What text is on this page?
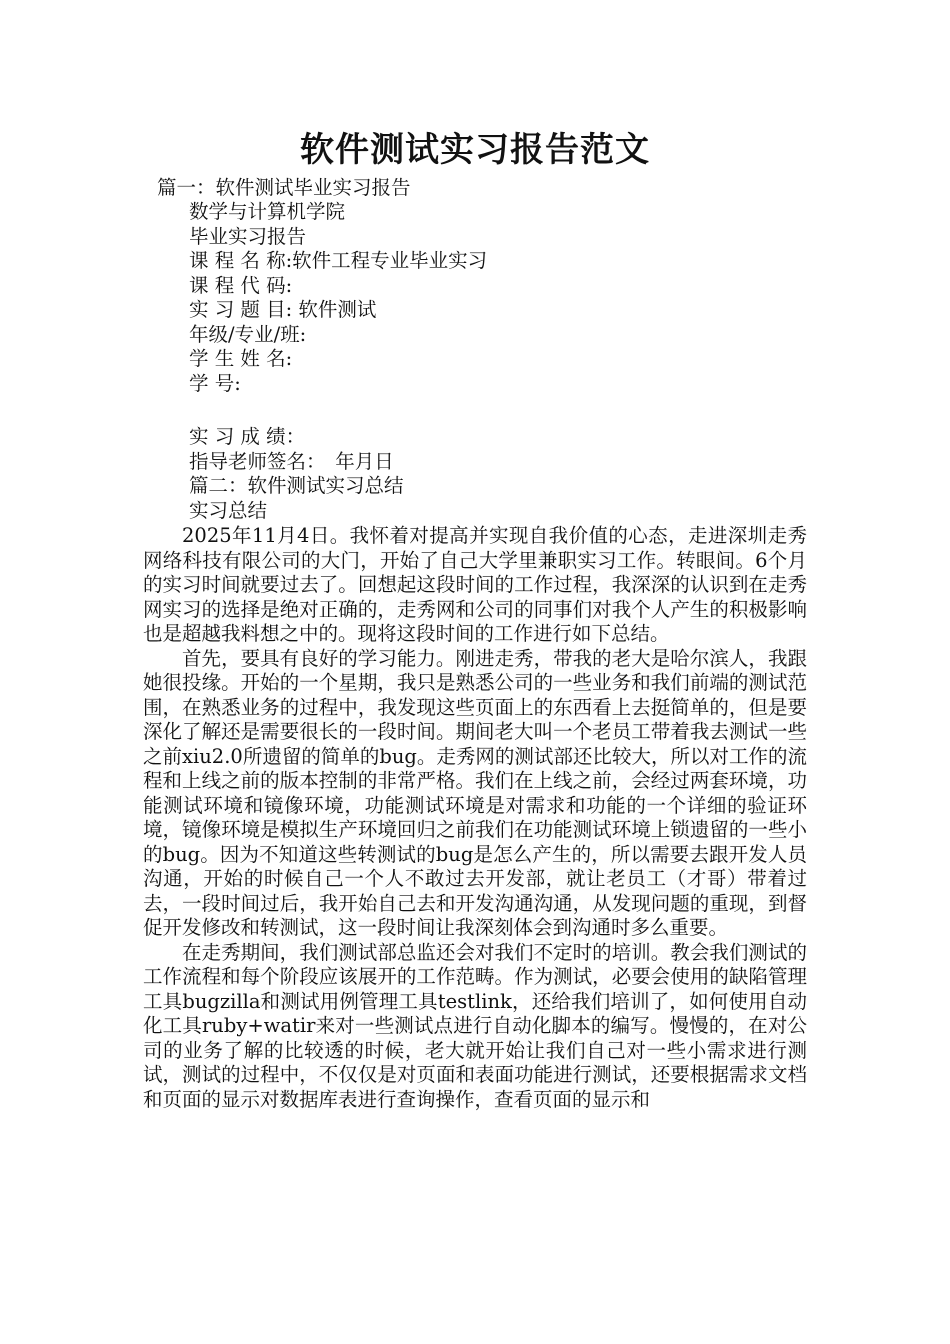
软件测试实习报告范文
篇一：软件测试毕业实习报告
数学与计算机学院
毕业实习报告
课 程 名 称:软件工程专业毕业实习
课 程 代 码:
实 习 题 目: 软件测试
年级/专业/班:
学 生 姓 名:
学 号:
实 习 成 绩：
指导老师签名：　年月日
篇二：软件测试实习总结
实习总结

2025年11月4日。我怀着对提高并实现自我价值的心态，走进深圳走秀网络科技有限公司的大门，开始了自己大学里兼职实习工作。转眼间。6个月的实习时间就要过去了。回想起这段时间的工作过程，我深深的认识到在走秀网实习的选择是绝对正确的，走秀网和公司的同事们对我个人产生的积极影响也是超越我料想之中的。现将这段时间的工作进行如下总结。

首先，要具有良好的学习能力。刚进走秀，带我的老大是哈尔滨人，我跟她很投缘。开始的一个星期，我只是熟悉公司的一些业务和我们前端的测试范围，在熟悉业务的过程中，我发现这些页面上的东西看上去挺简单的，但是要深化了解还是需要很长的一段时间。期间老大叫一个老员工带着我去测试一些之前xiu2.0所遗留的简单的bug。走秀网的测试部还比较大，所以对工作的流程和上线之前的版本控制的非常严格。我们在上线之前，会经过两套环境，功能测试环境和镜像环境，功能测试环境是对需求和功能的一个详细的验证环境，镜像环境是模拟生产环境回归之前我们在功能测试环境上锁遗留的一些小的bug。因为不知道这些转测试的bug是怎么产生的，所以需要去跟开发人员沟通，开始的时候自己一个人不敢过去开发部，就让老员工（才哥）带着过去，一段时间过后，我开始自己去和开发沟通沟通，从发现问题的重现，到督促开发修改和转测试，这一段时间让我深刻体会到沟通时多么重要。

在走秀期间，我们测试部总监还会对我们不定时的培训。教会我们测试的工作流程和每个阶段应该展开的工作范畴。作为测试，必要会使用的缺陷管理工具bugzilla和测试用例管理工具testlink，还给我们培训了，如何使用自动化工具ruby+watir来对一些测试点进行自动化脚本的编写。慢慢的，在对公司的业务了解的比较透的时候，老大就开始让我们自己对一些小需求进行测试，测试的过程中，不仅仅是对页面和表面功能进行测试，还要根据需求文档和页面的显示对数据库表进行查询操作，查看页面的显示和
